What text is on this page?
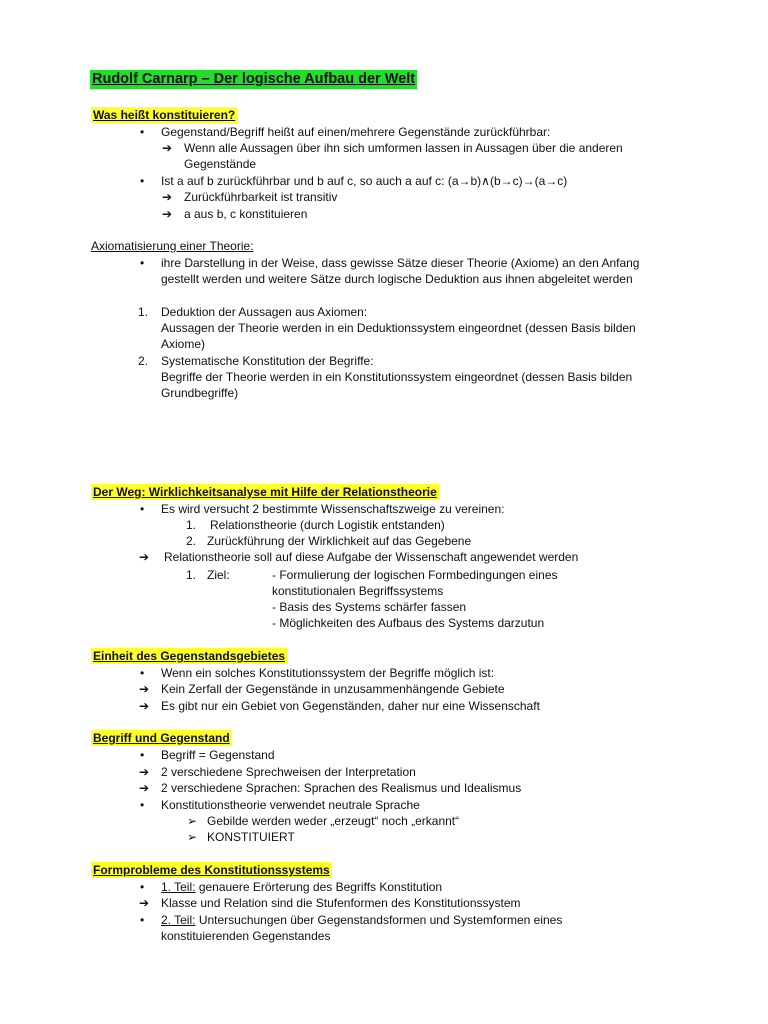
Rudolf Carnarp – Der logische Aufbau der Welt
Was heißt konstituieren?
• Gegenstand/Begriff heißt auf einen/mehrere Gegenstände zurückführbar:
➔ Wenn alle Aussagen über ihn sich umformen lassen in Aussagen über die anderen
Gegenstände
• Ist a auf b zurückführbar und b auf c, so auch a auf c: (a→b)∧(b→c)→(a→c)
➔ Zurückführbarkeit ist transitiv
➔ a aus b, c konstituieren
Axiomatisierung einer Theorie:
• ihre Darstellung in der Weise, dass gewisse Sätze dieser Theorie (Axiome) an den Anfang
gestellt werden und weitere Sätze durch logische Deduktion aus ihnen abgeleitet werden
1. Deduktion der Aussagen aus Axiomen:
Aussagen der Theorie werden in ein Deduktionssystem eingeordnet (dessen Basis bilden
Axiome)
2. Systematische Konstitution der Begriffe:
Begriffe der Theorie werden in ein Konstitutionssystem eingeordnet (dessen Basis bilden
Grundbegriffe)
Der Weg: Wirklichkeitsanalyse mit Hilfe der Relationstheorie
• Es wird versucht 2 bestimmte Wissenschaftszweige zu vereinen:
1. Relationstheorie (durch Logistik entstanden)
2. Zurückführung der Wirklichkeit auf das Gegebene
➔ Relationstheorie soll auf diese Aufgabe der Wissenschaft angewendet werden
1. Ziel:	- Formulierung der logischen Formbedingungen eines
konstitutionalen Begriffssystems
- Basis des Systems schärfer fassen
- Möglichkeiten des Aufbaus des Systems darzutun
Einheit des Gegenstandsgebietes
• Wenn ein solches Konstitutionssystem der Begriffe möglich ist:
➔ Kein Zerfall der Gegenstände in unzusammenhängende Gebiete
➔ Es gibt nur ein Gebiet von Gegenständen, daher nur eine Wissenschaft
Begriff und Gegenstand
• Begriff = Gegenstand
➔ 2 verschiedene Sprechweisen der Interpretation
➔ 2 verschiedene Sprachen: Sprachen des Realismus und Idealismus
• Konstitutionstheorie verwendet neutrale Sprache
➢ Gebilde werden weder „erzeugt“ noch „erkannt“
➢ KONSTITUIERT
Formprobleme des Konstitutionssystems
• 1. Teil: genauere Erörterung des Begriffs Konstitution
➔ Klasse und Relation sind die Stufenformen des Konstitutionssystem
• 2. Teil: Untersuchungen über Gegenstandsformen und Systemformen eines
konstituierenden Gegenstandes
